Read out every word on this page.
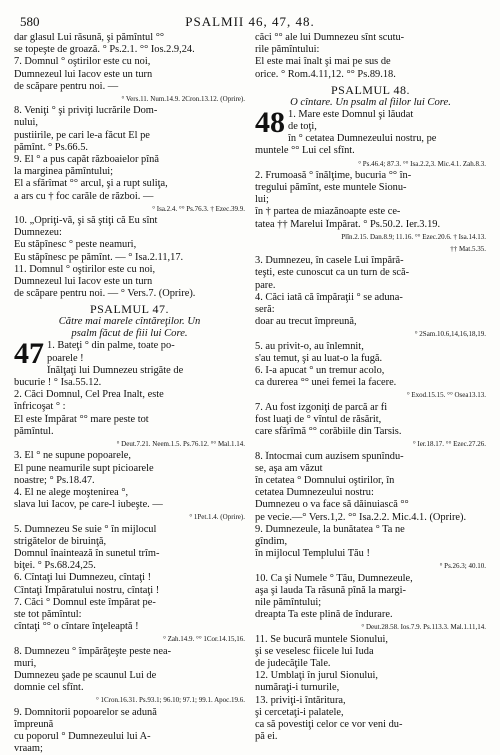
580	PSALMII 46, 47, 48.
dar glasul Lui răsună, şi pămîntul °°
se topeşte de groază. ° Ps.2.1. °° Ios.2.9,24.
7. Domnul ° oştirilor este cu noi,
Dumnezeul lui Iacov este un turn
de scăpare pentru noi. —
° Vers.11. Num.14.9. 2Cron.13.12. (Oprire).
8. Veniţi ° şi priviţi lucrările Dom-
nului,
pustiirile, pe cari le-a făcut El pe
pămînt. ° Ps.66.5.
9. El ° a pus capăt războaielor pînă
la marginea pămîntului;
El a sfărîmat °° arcul, şi a rupt suliţa,
a ars cu † foc carăle de război. —
° Isa.2.4. °° Ps.76.3. † Ezec.39.9.
10. „Opriţi-vă, şi să ştiţi că Eu sînt
Dumnezeu:
Eu stăpînesc ° peste neamuri,
Eu stăpînesc pe pămînt. — ° Isa.2.11,17.
11. Domnul ° oştirilor este cu noi,
Dumnezeul lui Iacov este un turn
de scăpare pentru noi. — ° Vers.7. (Oprire).
PSALMUL 47.
Către mai marele cîntăreţilor. Un
psalm făcut de fiii lui Core.
47 1. Bateţi ° din palme, toate po-
poarele !
Înălţaţi lui Dumnezeu strigăte de
bucurie ! ° Isa.55.12.
2. Căci Domnul, Cel Prea Inalt, este
înfricoşat ° :
El este Împărat °° mare peste tot
pămîntul.
° Deut.7.21. Neem.1.5. Ps.76.12. °° Mal.1.14.
3. El ° ne supune popoarele,
El pune neamurile supt picioarele
noastre; ° Ps.18.47.
4. El ne alege moştenirea °,
slava lui Iacov, pe care-l iubeşte. —
° 1Pet.1.4. (Oprire).
5. Dumnezeu Se suie ° în mijlocul
strigătelor de biruinţă,
Domnul înaintează în sunetul trîm-
biţei. ° Ps.68.24,25.
6. Cîntaţi lui Dumnezeu, cîntaţi !
Cîntaţi Împăratului nostru, cîntaţi !
7. Căci ° Domnul este împărat pe-
ste tot pămîntul:
cîntaţi °° o cîntare înţeleaptă !
° Zah.14.9. °° 1Cor.14.15,16.
8. Dumnezeu ° împărăţeşte peste nea-
muri,
Dumnezeu şade pe scaunul Lui de
domnie cel sfînt.
° 1Cron.16.31. Ps.93.1; 96.10; 97.1; 99.1. Apoc.19.6.
9. Domnitorii popoarelor se adună
împreună
cu poporul ° Dumnezeului lui A-
vraam;
căci °° ale lui Dumnezeu sînt scutu-
rile pămîntului:
El este mai înalt şi mai pe sus de
orice. ° Rom.4.11,12. °° Ps.89.18.
PSALMUL 48.
O cîntare. Un psalm al fiilor lui Core.
48 1. Mare este Domnul şi lăudat
de toţi,
în ° cetatea Dumnezeului nostru, pe
muntele °° Lui cel sfînt.
° Ps.46.4; 87.3. °° Isa.2.2,3. Mic.4.1. Zah.8.3.
2. Frumoasă ° înălţime, bucuria °° în-
tregului pămînt, este muntele Sionu-
lui;
în † partea de miazănoapte este ce-
tatea †† Marelui Împărat. ° Ps.50.2. Ier.3.19.
Plîn.2.15. Dan.8.9; 11.16. °° Ezec.20.6. † Isa.14.13.
†† Mat.5.35.
3. Dumnezeu, în casele Lui împără-
teşti, este cunoscut ca un turn de scă-
pare.
4. Căci iată că împăraţii ° se aduna-
seră:
doar au trecut împreună,
° 2Sam.10.6,14,16,18,19.
5. au privit-o, au înlemnit,
s'au temut, şi au luat-o la fugă.
6. I-a apucat ° un tremur acolo,
ca durerea °° unei femei la facere.
° Exod.15.15. °° Osea13.13.
7. Au fost izgoniţi de parcă ar fi
fost luaţi de ° vîntul de răsărit,
care sfărîmă °° corăbiile din Tarsis.
° Ier.18.17. °° Ezec.27.26.
8. Întocmai cum auzisem spunîndu-
se, aşa am văzut
în cetatea ° Domnului oştirilor, în
cetatea Dumnezeului nostru:
Dumnezeu o va face să dăinuiască °°
pe vecie.—° Vers.1,2. °° Isa.2.2. Mic.4.1. (Oprire).
9. Dumnezeule, la bunătatea ° Ta ne
gîndim,
în mijlocul Templului Tău !
° Ps.26.3; 40.10.
10. Ca şi Numele ° Tău, Dumnezeule,
aşa şi lauda Ta răsună pînă la margi-
nile pămîntului;
dreapta Ta este plină de îndurare.
° Deut.28.58. Ios.7.9. Ps.113.3. Mal.1.11,14.
11. Se bucură muntele Sionului,
şi se veselesc fiicele lui Iuda
de judecăţile Tale.
12. Umblaţi în jurul Sionului,
număraţi-i turnurile,
13. priviţi-i întăritura,
şi cercetaţi-i palatele,
ca să povestiţi celor ce vor veni du-
pă ei.
